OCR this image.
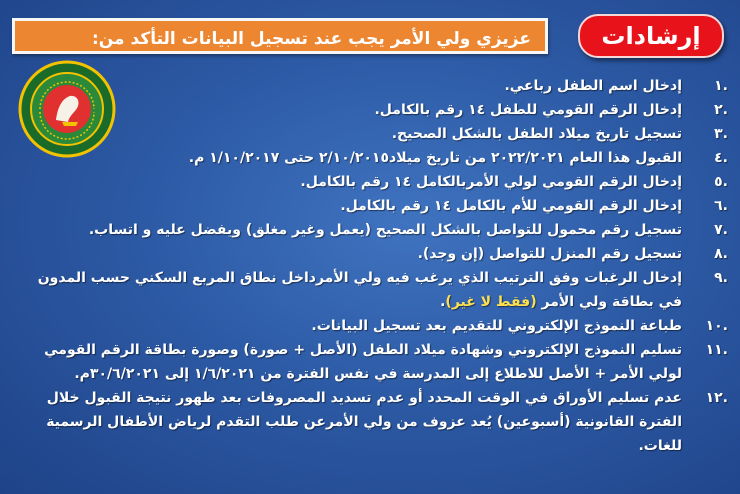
إرشادات
عزيزي ولي الأمر يجب عند تسجيل البيانات التأكد من:
.١
إدخال اسم الطفل رباعي.
.٢
إدخال الرقم القومي للطفل ١٤ رقم بالكامل.
.٣
تسجيل تاريخ ميلاد الطفل بالشكل الصحيح.
.٤
القبول هذا العام ٢٠٢٢/٢٠٢١ من تاريخ ميلاد٢/١٠/٢٠١٥ حتى ١/١٠/٢٠١٧ م.
.٥
إدخال الرقم القومي لولي الأمربالكامل ١٤ رقم بالكامل.
.٦
إدخال الرقم القومي للأم بالكامل ١٤ رقم بالكامل.
.٧
تسجيل رقم محمول للتواصل بالشكل الصحيح (يعمل وغير مغلق) ويفضل عليه و اتساب.
.٨
تسجيل رقم المنزل للتواصل (إن وجد).
.٩
إدخال الرغبات وفق الترتيب الذي يرغب فيه ولي الأمرداخل نطاق المربع السكني حسب المدون في بطاقة ولي الأمر (فقط لا غير).
.١٠
طباعة النموذج الإلكتروني للتقديم بعد تسجيل البيانات.
.١١
تسليم النموذج الإلكتروني وشهادة ميلاد الطفل (الأصل + صورة) وصورة بطاقة الرقم القومي لولي الأمر + الأصل للاطلاع إلى المدرسة في نفس الفترة من ١/٦/٢٠٢١ إلى ٣٠/٦/٢٠٢١م.
.١٢
عدم تسليم الأوراق في الوقت المحدد أو عدم تسديد المصروفات بعد ظهور نتيجة القبول خلال الفترة القانونية (أسبوعين) يُعد عزوف من ولي الأمرعن طلب التقدم لرياض الأطفال الرسمية للغات.
